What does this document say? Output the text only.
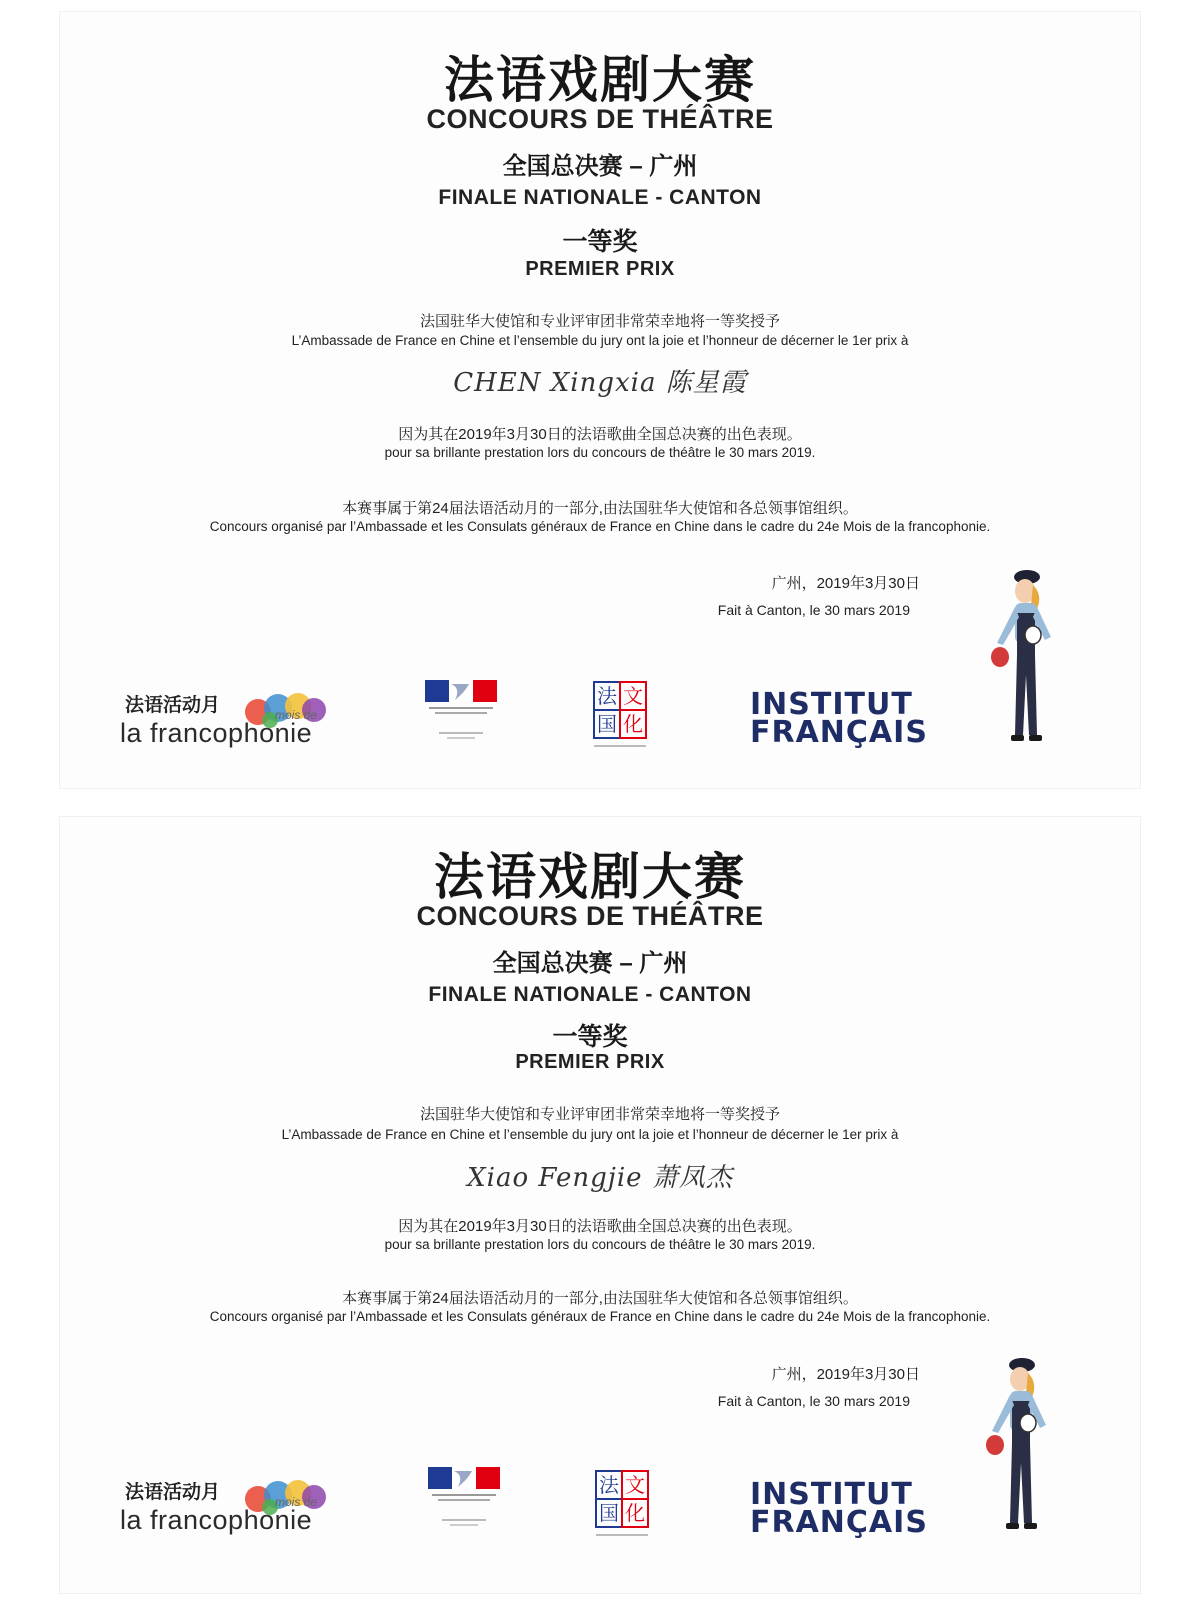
法语戏剧大赛
CONCOURS DE THÉÂTRE
全国总决赛 – 广州
FINALE NATIONALE - CANTON
一等奖
PREMIER PRIX
法国驻华大使馆和专业评审团非常荣幸地将一等奖授予
L’Ambassade de France en Chine et l’ensemble du jury ont la joie et l’honneur de décerner le 1er prix à
CHEN Xingxia 陈星霞
因为其在2019年3月30日的法语歌曲全国总决赛的出色表现。
pour sa brillante prestation lors du concours de théâtre le 30 mars 2019.
本赛事属于第24届法语活动月的一部分,由法国驻华大使馆和各总领事馆组织。
Concours organisé par l’Ambassade et les Consulats généraux de France en Chine dans le cadre du 24e Mois de la francophonie.
广州，2019年3月30日
Fait à Canton, le 30 mars 2019
法语活动月
la francophonie
mois de
法 文
国 化
INSTITUT
FRANÇAIS
法语戏剧大赛
CONCOURS DE THÉÂTRE
全国总决赛 – 广州
FINALE NATIONALE - CANTON
一等奖
PREMIER PRIX
法国驻华大使馆和专业评审团非常荣幸地将一等奖授予
L’Ambassade de France en Chine et l’ensemble du jury ont la joie et l’honneur de décerner le 1er prix à
Xiao Fengjie 萧凤杰
因为其在2019年3月30日的法语歌曲全国总决赛的出色表现。
pour sa brillante prestation lors du concours de théâtre le 30 mars 2019.
本赛事属于第24届法语活动月的一部分,由法国驻华大使馆和各总领事馆组织。
Concours organisé par l’Ambassade et les Consulats généraux de France en Chine dans le cadre du 24e Mois de la francophonie.
广州，2019年3月30日
Fait à Canton, le 30 mars 2019
法语活动月
la francophonie
mois de
法 文
国 化
INSTITUT
FRANÇAIS
